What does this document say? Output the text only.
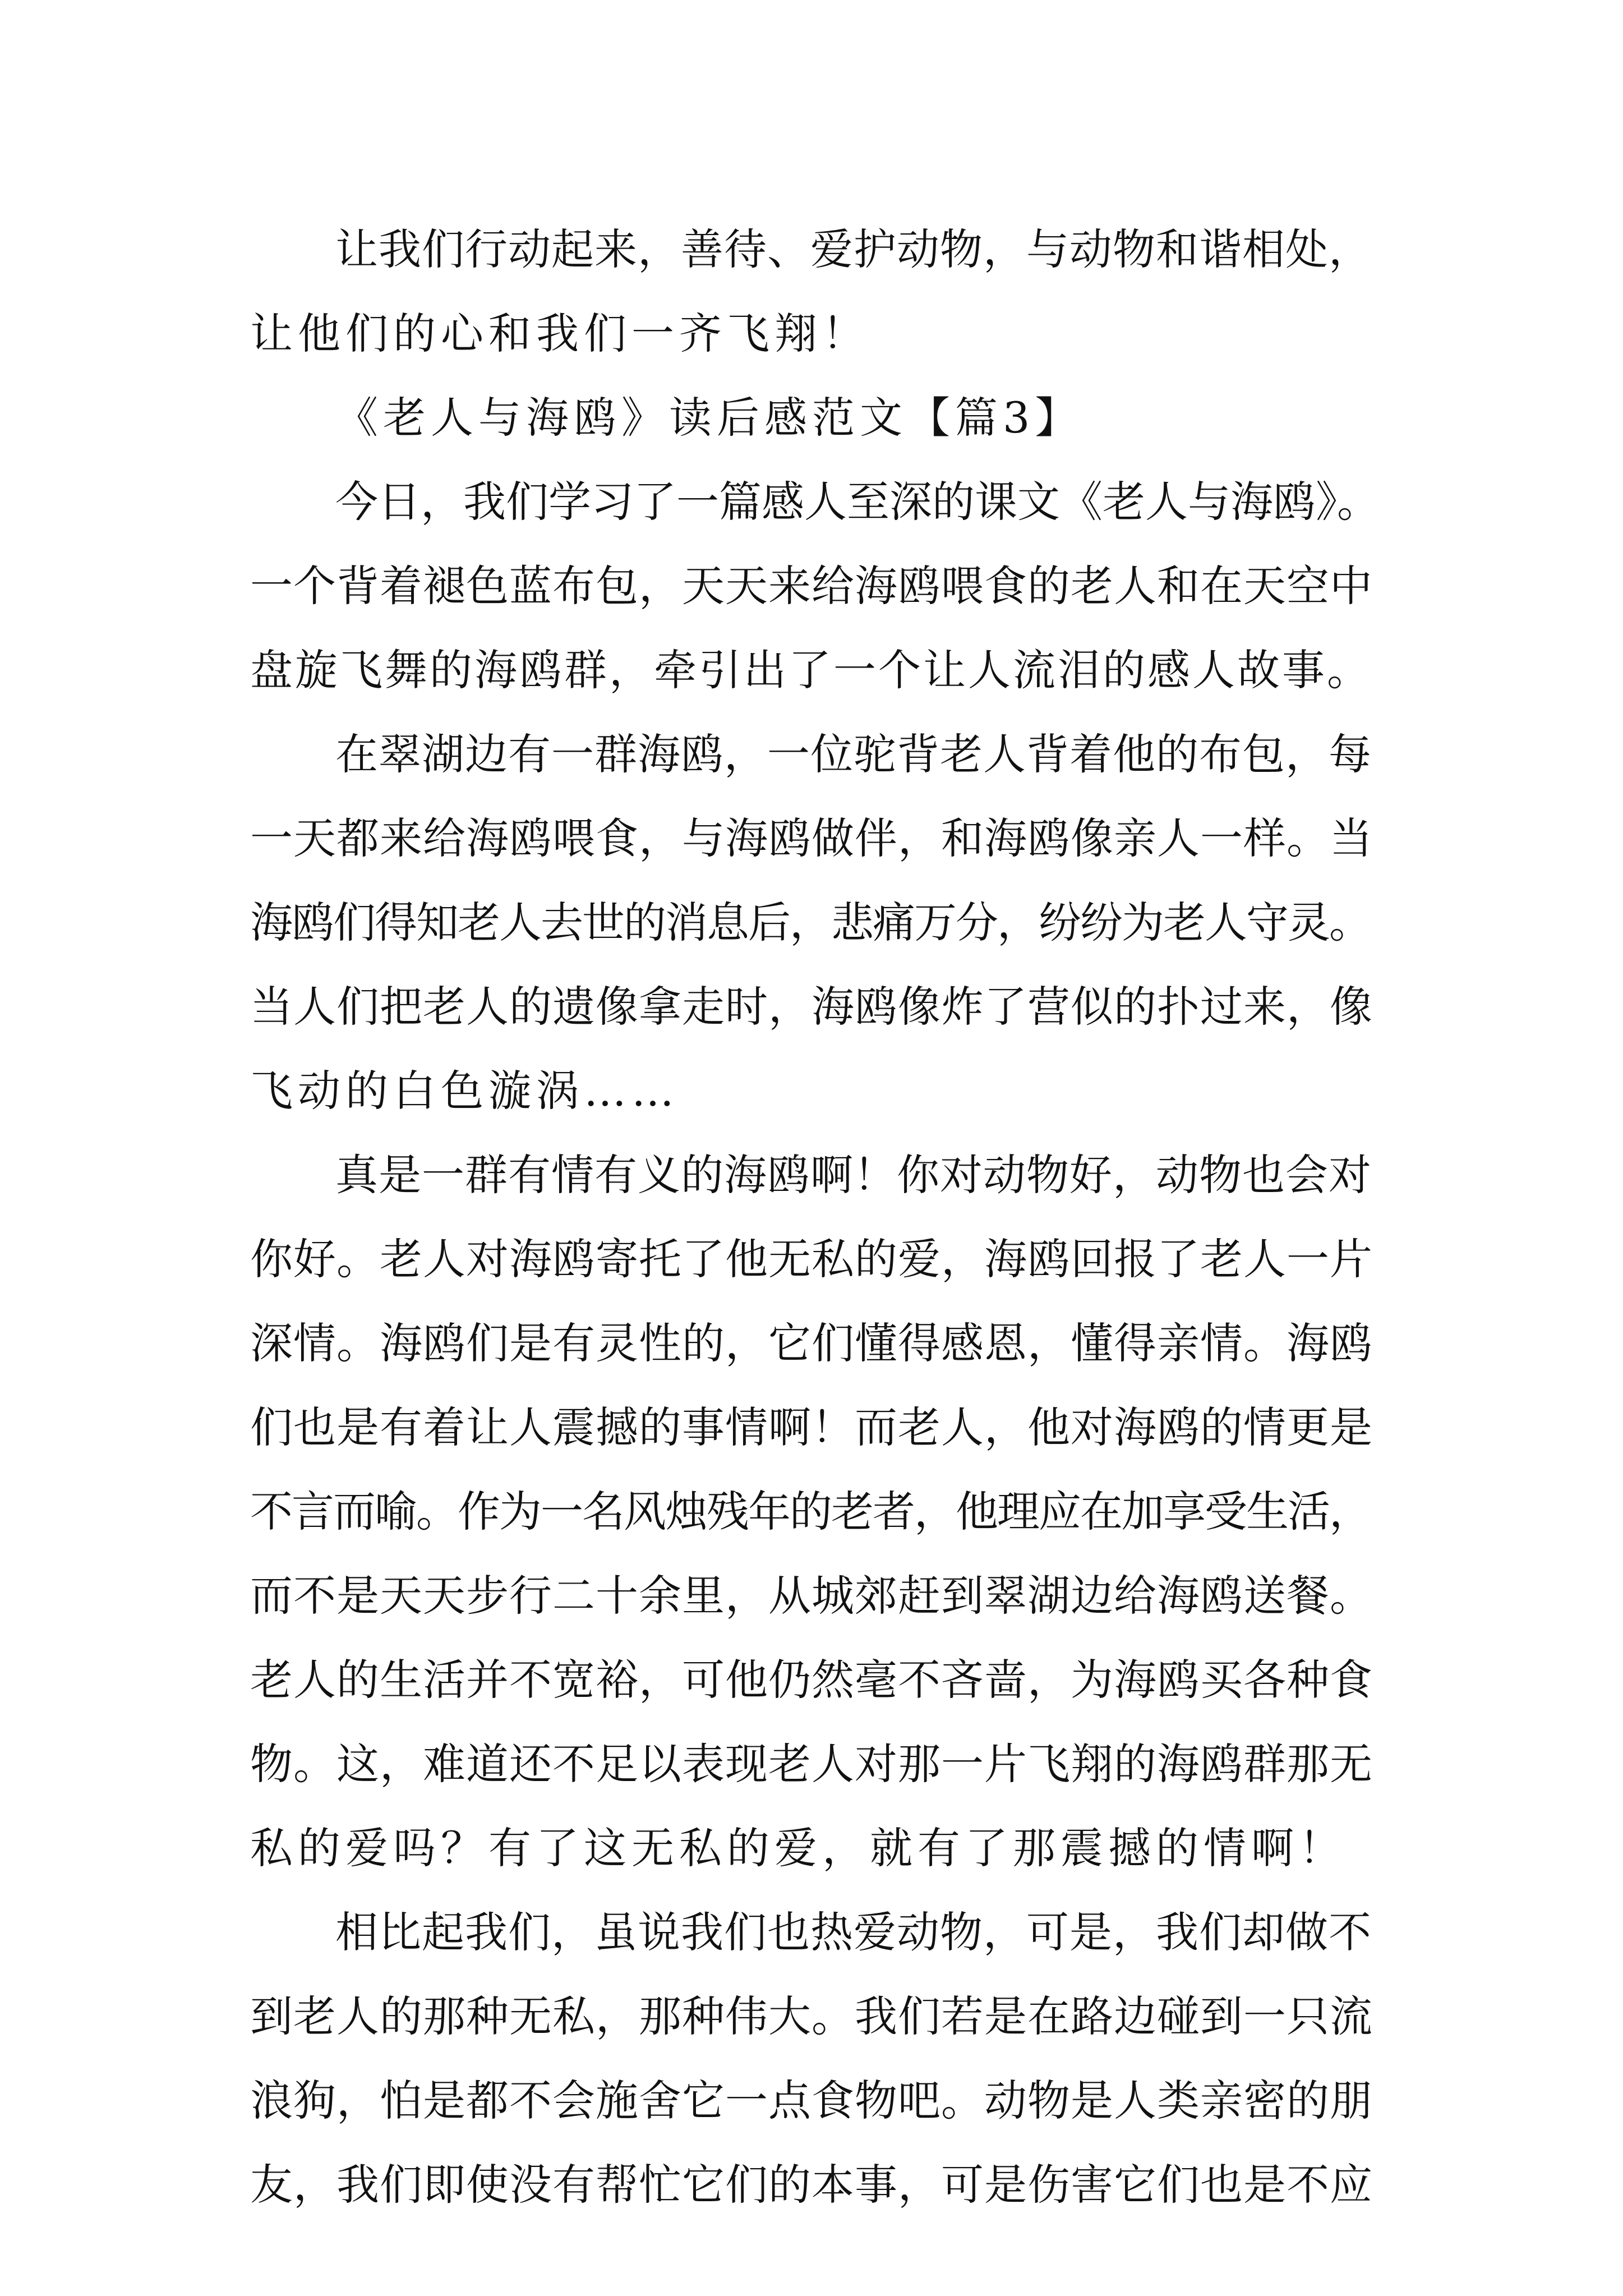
让我们行动起来，善待、爱护动物，与动物和谐相处，
让他们的心和我们一齐飞翔！
《老人与海鸥》读后感范文【篇3】
今日，我们学习了一篇感人至深的课文《老人与海鸥》。
一个背着褪色蓝布包，天天来给海鸥喂食的老人和在天空中
盘旋飞舞的海鸥群，牵引出了一个让人流泪的感人故事。
在翠湖边有一群海鸥，一位驼背老人背着他的布包，每
一天都来给海鸥喂食，与海鸥做伴，和海鸥像亲人一样。当
海鸥们得知老人去世的消息后，悲痛万分，纷纷为老人守灵。
当人们把老人的遗像拿走时，海鸥像炸了营似的扑过来，像
飞动的白色漩涡……
真是一群有情有义的海鸥啊！你对动物好，动物也会对
你好。老人对海鸥寄托了他无私的爱，海鸥回报了老人一片
深情。海鸥们是有灵性的，它们懂得感恩，懂得亲情。海鸥
们也是有着让人震撼的事情啊！而老人，他对海鸥的情更是
不言而喻。作为一名风烛残年的老者，他理应在加享受生活，
而不是天天步行二十余里，从城郊赶到翠湖边给海鸥送餐。
老人的生活并不宽裕，可他仍然毫不吝啬，为海鸥买各种食
物。这，难道还不足以表现老人对那一片飞翔的海鸥群那无
私的爱吗？有了这无私的爱，就有了那震撼的情啊！
相比起我们，虽说我们也热爱动物，可是，我们却做不
到老人的那种无私，那种伟大。我们若是在路边碰到一只流
浪狗，怕是都不会施舍它一点食物吧。动物是人类亲密的朋
友，我们即使没有帮忙它们的本事，可是伤害它们也是不应
